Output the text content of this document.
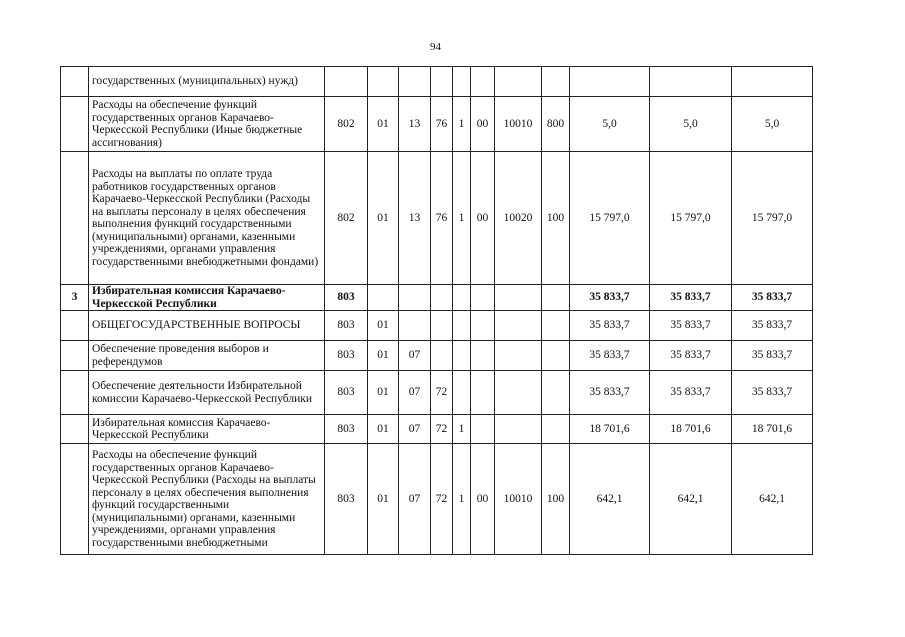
94
	государственных (муниципальных) нужд)											
	Расходы на обеспечение функций государственных органов Карачаево-Черкесской Республики (Иные бюджетные ассигнования)	802	01	13	76	1	00	10010	800	5,0	5,0	5,0
	Расходы на выплаты по оплате труда работников государственных органов Карачаево-Черкесской Республики (Расходы на выплаты персоналу в целях обеспечения выполнения функций государственными (муниципальными) органами, казенными учреждениями, органами управления государственными внебюджетными фондами)	802	01	13	76	1	00	10020	100	15 797,0	15 797,0	15 797,0
3	Избирательная комиссия Карачаево-Черкесской Республики	803								35 833,7	35 833,7	35 833,7
	ОБЩЕГОСУДАРСТВЕННЫЕ ВОПРОСЫ	803	01							35 833,7	35 833,7	35 833,7
	Обеспечение проведения выборов и референдумов	803	01	07						35 833,7	35 833,7	35 833,7
	Обеспечение деятельности Избирательной комиссии Карачаево-Черкесской Республики	803	01	07	72					35 833,7	35 833,7	35 833,7
	Избирательная комиссия Карачаево-Черкесской Республики	803	01	07	72	1				18 701,6	18 701,6	18 701,6
	Расходы на обеспечение функций государственных органов Карачаево-Черкесской Республики (Расходы на выплаты персоналу в целях обеспечения выполнения функций государственными (муниципальными) органами, казенными учреждениями, органами управления государственными внебюджетными	803	01	07	72	1	00	10010	100	642,1	642,1	642,1
